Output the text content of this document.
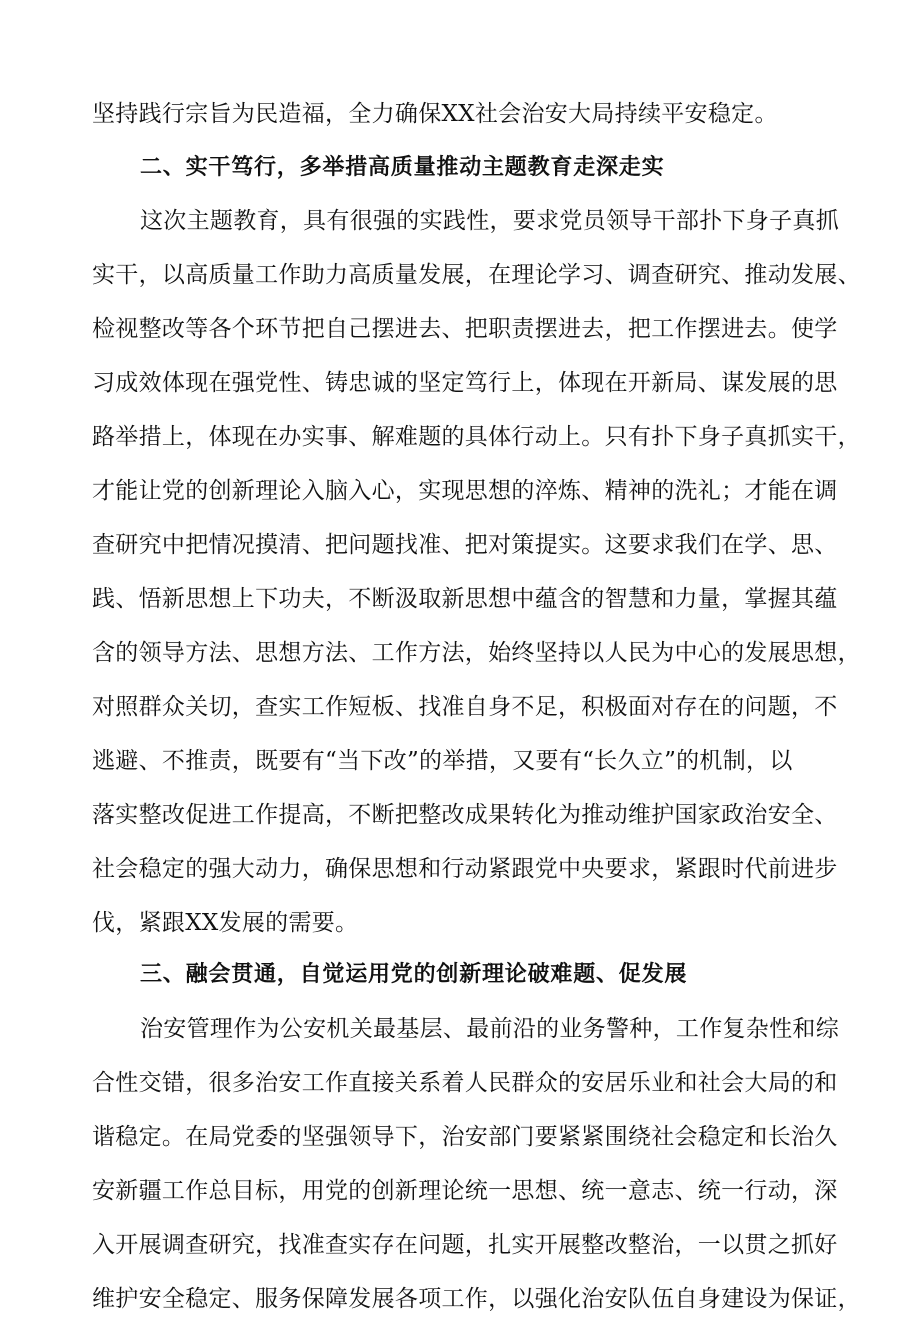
坚持践行宗旨为民造福，全力确保XX社会治安大局持续平安稳定。
二、实干笃行，多举措高质量推动主题教育走深走实
这次主题教育，具有很强的实践性，要求党员领导干部扑下身子真抓
实干，以高质量工作助力高质量发展，在理论学习、调查研究、推动发展、
检视整改等各个环节把自己摆进去、把职责摆进去，把工作摆进去。使学
习成效体现在强党性、铸忠诚的坚定笃行上，体现在开新局、谋发展的思
路举措上，体现在办实事、解难题的具体行动上。只有扑下身子真抓实干，
才能让党的创新理论入脑入心，实现思想的淬炼、精神的洗礼；才能在调
查研究中把情况摸清、把问题找准、把对策提实。这要求我们在学、思、
践、悟新思想上下功夫，不断汲取新思想中蕴含的智慧和力量，掌握其蕴
含的领导方法、思想方法、工作方法，始终坚持以人民为中心的发展思想，
对照群众关切，查实工作短板、找准自身不足，积极面对存在的问题，不
逃避、不推责，既要有“当下改”的举措，又要有“长久立”的机制，以
落实整改促进工作提高，不断把整改成果转化为推动维护国家政治安全、
社会稳定的强大动力，确保思想和行动紧跟党中央要求，紧跟时代前进步
伐，紧跟XX发展的需要。
三、融会贯通，自觉运用党的创新理论破难题、促发展
治安管理作为公安机关最基层、最前沿的业务警种，工作复杂性和综
合性交错，很多治安工作直接关系着人民群众的安居乐业和社会大局的和
谐稳定。在局党委的坚强领导下，治安部门要紧紧围绕社会稳定和长治久
安新疆工作总目标，用党的创新理论统一思想、统一意志、统一行动，深
入开展调查研究，找准查实存在问题，扎实开展整改整治，一以贯之抓好
维护安全稳定、服务保障发展各项工作，以强化治安队伍自身建设为保证，
